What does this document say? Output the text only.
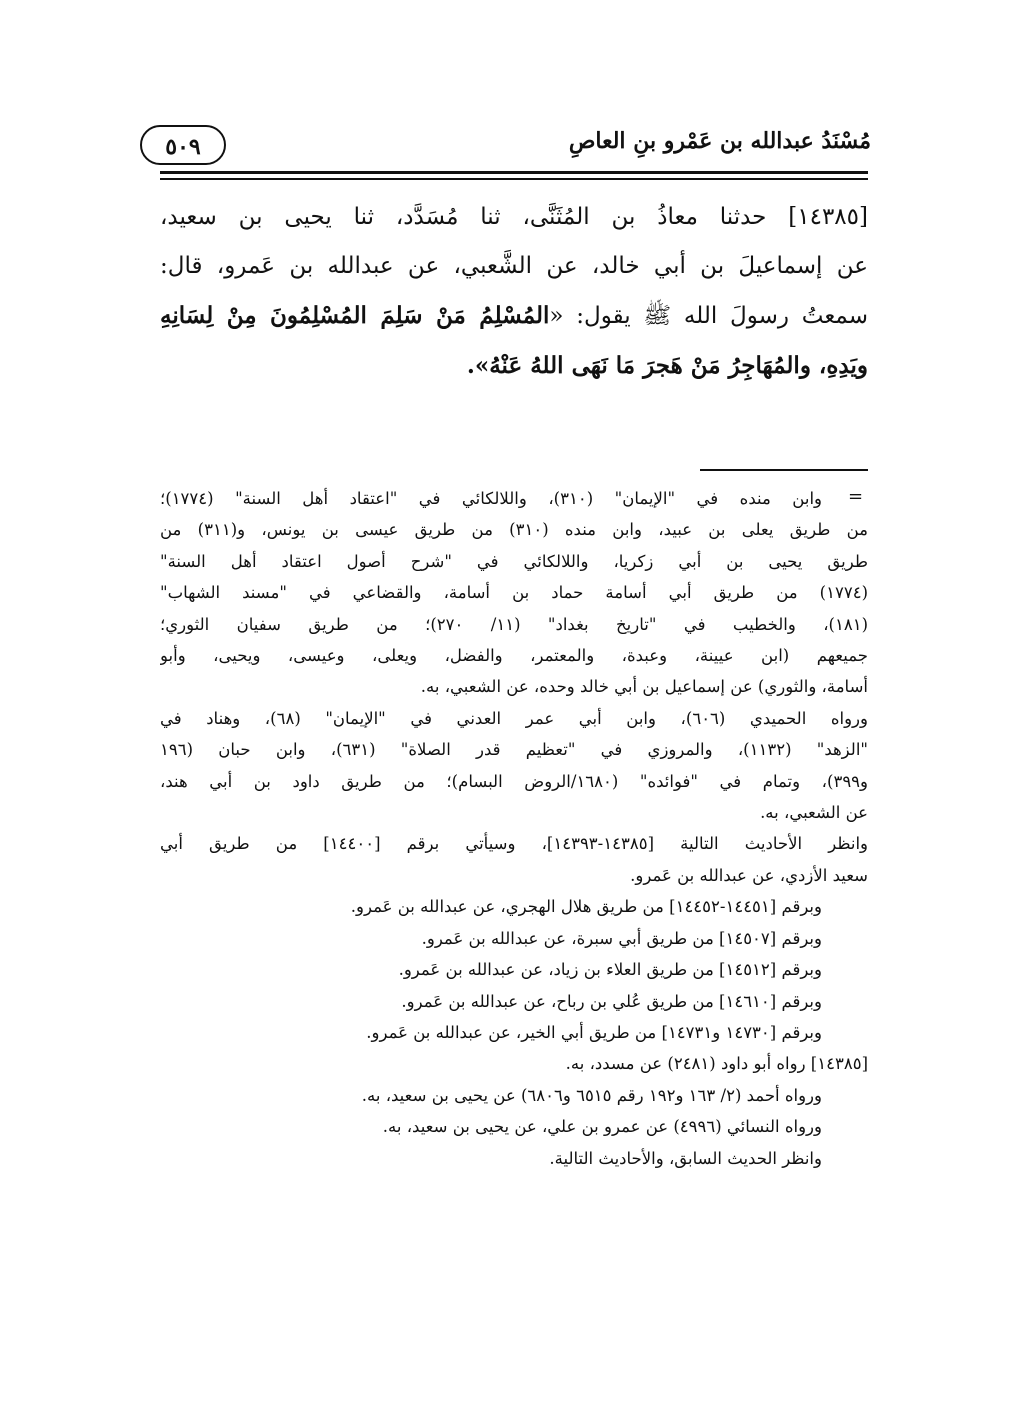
مُسْنَدُ عبدالله بن عَمْرو بنِ العاصِ
٥٠٩
[١٤٣٨٥] حدثنا معاذُ بن المُثَنَّى، ثنا مُسَدَّد، ثنا يحيى بن سعيد،
عن إسماعيلَ بن أبي خالد، عن الشَّعبي، عن عبدالله بن عَمرو، قال:
سمعتُ رسولَ الله ﷺ يقول: «المُسْلِمُ مَنْ سَلِمَ المُسْلِمُونَ مِنْ لِسَانِهِ
ويَدِهِ، والمُهَاجِرُ مَنْ هَجرَ مَا نَهَى اللهُ عَنْهُ».
=
وابن منده في "الإيمان" (٣١٠)، واللالكائي في "اعتقاد أهل السنة" (١٧٧٤)؛
من طريق يعلى بن عبيد، وابن منده (٣١٠) من طريق عيسى بن يونس، و(٣١١) من
طريق يحيى بن أبي زكريا، واللالكائي في "شرح أصول اعتقاد أهل السنة"
(١٧٧٤) من طريق أبي أسامة حماد بن أسامة، والقضاعي في "مسند الشهاب"
(١٨١)، والخطيب في "تاريخ بغداد" (١١/ ٢٧٠)؛ من طريق سفيان الثوري؛
جميعهم (ابن عيينة، وعبدة، والمعتمر، والفضل، ويعلى، وعيسى، ويحيى، وأبو
أسامة، والثوري) عن إسماعيل بن أبي خالد وحده، عن الشعبي، به.
ورواه الحميدي (٦٠٦)، وابن أبي عمر العدني في "الإيمان" (٦٨)، وهناد في
"الزهد" (١١٣٢)، والمروزي في "تعظيم قدر الصلاة" (٦٣١)، وابن حبان (١٩٦
و٣٩٩)، وتمام في "فوائده" (١٦٨٠/الروض البسام)؛ من طريق داود بن أبي هند،
عن الشعبي، به.
وانظر الأحاديث التالية [١٤٣٨٥-١٤٣٩٣]، وسيأتي برقم [١٤٤٠٠] من طريق أبي
سعيد الأزدي، عن عبدالله بن عَمرو.
وبرقم [١٤٤٥١-١٤٤٥٢] من طريق هلال الهجري، عن عبدالله بن عَمرو.
وبرقم [١٤٥٠٧] من طريق أبي سبرة، عن عبدالله بن عَمرو.
وبرقم [١٤٥١٢] من طريق العلاء بن زياد، عن عبدالله بن عَمرو.
وبرقم [١٤٦١٠] من طريق عُلي بن رباح، عن عبدالله بن عَمرو.
وبرقم [١٤٧٣٠ و١٤٧٣١] من طريق أبي الخير، عن عبدالله بن عَمرو.
[١٤٣٨٥] رواه أبو داود (٢٤٨١) عن مسدد، به.
ورواه أحمد (٢/ ١٦٣ و١٩٢ رقم ٦٥١٥ و٦٨٠٦) عن يحيى بن سعيد، به.
ورواه النسائي (٤٩٩٦) عن عمرو بن علي، عن يحيى بن سعيد، به.
وانظر الحديث السابق، والأحاديث التالية.
